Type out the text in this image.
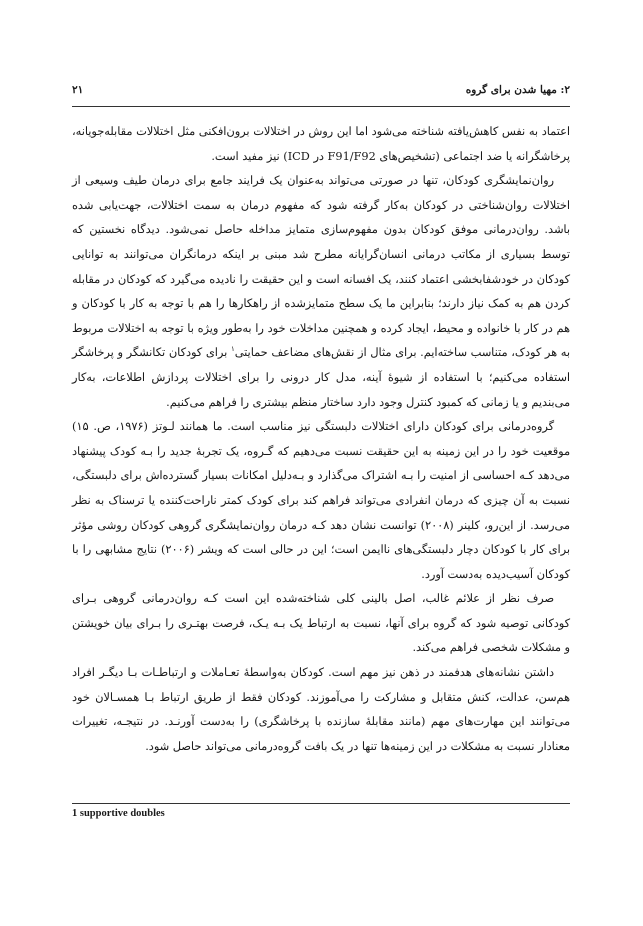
۲: مهیا شدن برای گروه
۲۱

اعتماد به نفس کاهش‌یافته شناخته می‌شود اما این روش در اختلالات برون‌افکنی مثل اختلالات مقابله‌جویانه، پرخاشگرانه یا ضد اجتماعی (تشخیص‌های F91/F92 در ICD) نیز مفید است.

روان‌نمایشگری کودکان، تنها در صورتی می‌تواند به‌عنوان یک فرایند جامع برای درمان طیف وسیعی از اختلالات روان‌شناختی در کودکان به‌کار گرفته شود که مفهوم درمان به سمت اختلالات، جهت‌یابی شده باشد. روان‌درمانی موفق کودکان بدون مفهوم‌سازی متمایز مداخله حاصل نمی‌شود. دیدگاه نخستین که توسط بسیاری از مکاتب درمانی انسان‌گرایانه مطرح شد مبنی بر اینکه درمانگران می‌توانند به توانایی کودکان در خودشفابخشی اعتماد کنند، یک افسانه است و این حقیقت را نادیده می‌گیرد که کودکان در مقابله کردن هم به کمک نیاز دارند؛ بنابراین ما یک سطح متمایزشده از راهکارها را هم با توجه به کار با کودکان و هم در کار با خانواده و محیط، ایجاد کرده و همچنین مداخلات خود را به‌طور ویژه با توجه به اختلالات مربوط به هر کودک، متناسب ساخته‌ایم. برای مثال از نقش‌های مضاعف حمایتی$^۱$ برای کودکان تکانشگر و پرخاشگر استفاده می‌کنیم؛ با استفاده از شیوهٔ آینه، مدل کار درونی را برای اختلالات پردازش اطلاعات، به‌کار می‌بندیم و یا زمانی که کمبود کنترل وجود دارد ساختار منظم بیشتری را فراهم می‌کنیم.

گروه‌درمانی برای کودکان دارای اختلالات دلبستگی نیز مناسب است. ما همانند لـوتز (۱۹۷۶، ص. ۱۵) موقعیت خود را در این زمینه به این حقیقت نسبت می‌دهیم که گـروه، یک تجربهٔ جدید را بـه کودک پیشنهاد می‌دهد کـه احساسی از امنیت را بـه اشتراک می‌گذارد و بـه‌دلیل امکانات بسیار گسترده‌اش برای دلبستگی، نسبت به آن چیزی که درمان انفرادی می‌تواند فراهم کند برای کودک کمتر ناراحت‌کننده یا ترسناک به نظر می‌رسد. از این‌رو، کلینر (۲۰۰۸) توانست نشان دهد کـه درمان روان‌نمایشگری گروهی کودکان روشی مؤثر برای کار با کودکان دچار دلبستگی‌های ناایمن است؛ این در حالی است که ویشر (۲۰۰۶) نتایج مشابهی را با کودکان آسیب‌دیده به‌دست آورد.

صرف نظر از علائم غالب، اصل بالینی کلی شناخته‌شده این است کـه روان‌درمانی گروهی بـرای کودکانی توصیه شود که گروه برای آنها، نسبت به ارتباط یک بـه یـک، فرصت بهتـری را بـرای بیان خویشتن و مشکلات شخصی فراهم می‌کند.

داشتن نشانه‌های هدفمند در ذهن نیز مهم است. کودکان به‌واسطهٔ تعـاملات و ارتباطـات بـا دیگـر افراد هم‌سن، عدالت، کنش متقابل و مشارکت را می‌آموزند. کودکان فقط از طریق ارتباط بـا همسـالان خود می‌توانند این مهارت‌های مهم (مانند مقابلهٔ سازنده با پرخاشگری) را به‌دست آورنـد. در نتیجـه، تغییرات معنادار نسبت به مشکلات در این زمینه‌ها تنها در یک بافت گروه‌درمانی می‌تواند حاصل شود.

1 supportive doubles
